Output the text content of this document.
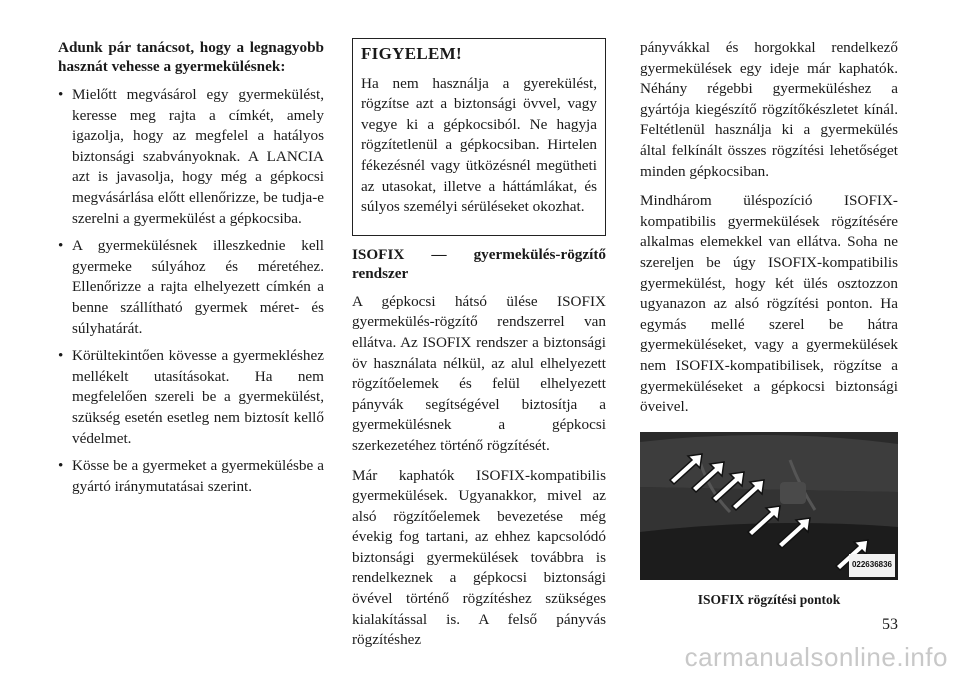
Adunk pár tanácsot, hogy a legnagyobb hasznát vehesse a gyermekülésnek:

• Mielőtt megvásárol egy gyermekülést, keresse meg rajta a címkét, amely igazolja, hogy az megfelel a hatályos biztonsági szabványoknak. A LANCIA azt is javasolja, hogy még a gépkocsi megvásárlása előtt ellenőrizze, be tudja-e szerelni a gyermekülést a gépkocsiba.
• A gyermekülésnek illeszkednie kell gyermeke súlyához és méretéhez. Ellenőrizze a rajta elhelyezett címkén a benne szállítható gyermek méret- és súlyhatárát.
• Körültekintően kövesse a gyermekléshez mellékelt utasításokat. Ha nem megfelelően szereli be a gyermekülést, szükség esetén esetleg nem biztosít kellő védelmet.
• Kösse be a gyermeket a gyermekülésbe a gyártó iránymutatásai szerint.

FIGYELEM!

Ha nem használja a gyerekülést, rögzítse azt a biztonsági övvel, vagy vegye ki a gépkocsiból. Ne hagyja rögzítetlenül a gépkocsiban. Hirtelen fékezésnél vagy ütközésnél megütheti az utasokat, illetve a háttámlákat, és súlyos személyi sérüléseket okozhat.

ISOFIX — gyermekülés-rögzítő rendszer

A gépkocsi hátsó ülése ISOFIX gyermekülés-rögzítő rendszerrel van ellátva. Az ISOFIX rendszer a biztonsági öv használata nélkül, az alul elhelyezett rögzítőelemek és felül elhelyezett pányvák segítségével biztosítja a gyermekülésnek a gépkocsi szerkezetéhez történő rögzítését.

Már kaphatók ISOFIX-kompatibilis gyermekülések. Ugyanakkor, mivel az alsó rögzítőelemek bevezetése még évekig fog tartani, az ehhez kapcsolódó biztonsági gyermekülések továbbra is rendelkeznek a gépkocsi biztonsági övével történő rögzítéshez szükséges kialakítással is. A felső pányvás rögzítéshez

pányvákkal és horgokkal rendelkező gyermekülések egy ideje már kaphatók. Néhány régebbi gyermeküléshez a gyártója kiegészítő rögzítőkészletet kínál. Feltétlenül használja ki a gyermekülés által felkínált összes rögzítési lehetőséget minden gépkocsiban.

Mindhárom üléspozíció ISOFIX-kompatibilis gyermekülések rögzítésére alkalmas elemekkel van ellátva. Soha ne szereljen be úgy ISOFIX-kompatibilis gyermekülést, hogy két ülés osztozzon ugyanazon az alsó rögzítési ponton. Ha egymás mellé szerel be hátra gyermeküléseket, vagy a gyermekülések nem ISOFIX-kompatibilisek, rögzítse a gyermeküléseket a gépkocsi biztonsági öveivel.

022636836
ISOFIX rögzítési pontok
53
carmanualsonline.info
